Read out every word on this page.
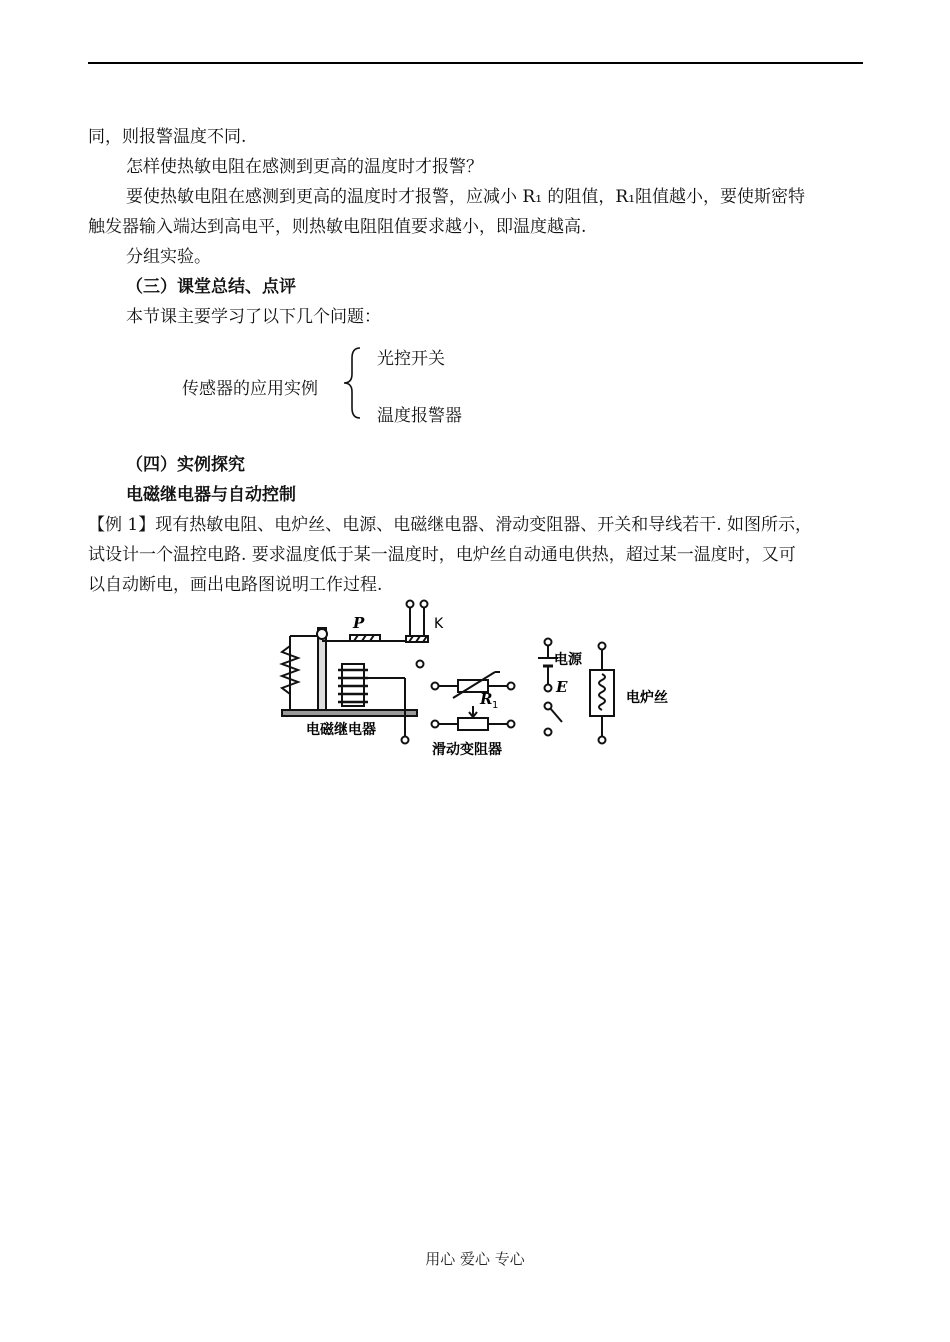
同，则报警温度不同.
怎样使热敏电阻在感测到更高的温度时才报警？
要使热敏电阻在感测到更高的温度时才报警，应减小 R₁ 的阻值，R₁阻值越小，要使斯密特
触发器输入端达到高电平，则热敏电阻阻值要求越小，即温度越高.
分组实验。
（三）课堂总结、点评
本节课主要学习了以下几个问题：
传感器的应用实例
光控开关
温度报警器
（四）实例探究
电磁继电器与自动控制
【例 1】现有热敏电阻、电炉丝、电源、电磁继电器、滑动变阻器、开关和导线若干. 如图所示，
试设计一个温控电路. 要求温度低于某一温度时，电炉丝自动通电供热，超过某一温度时，又可
以自动断电，画出电路图说明工作过程.
P	K
电磁继电器
R 1
滑动变阻器
电源
E
电炉丝
用心 爱心 专心
